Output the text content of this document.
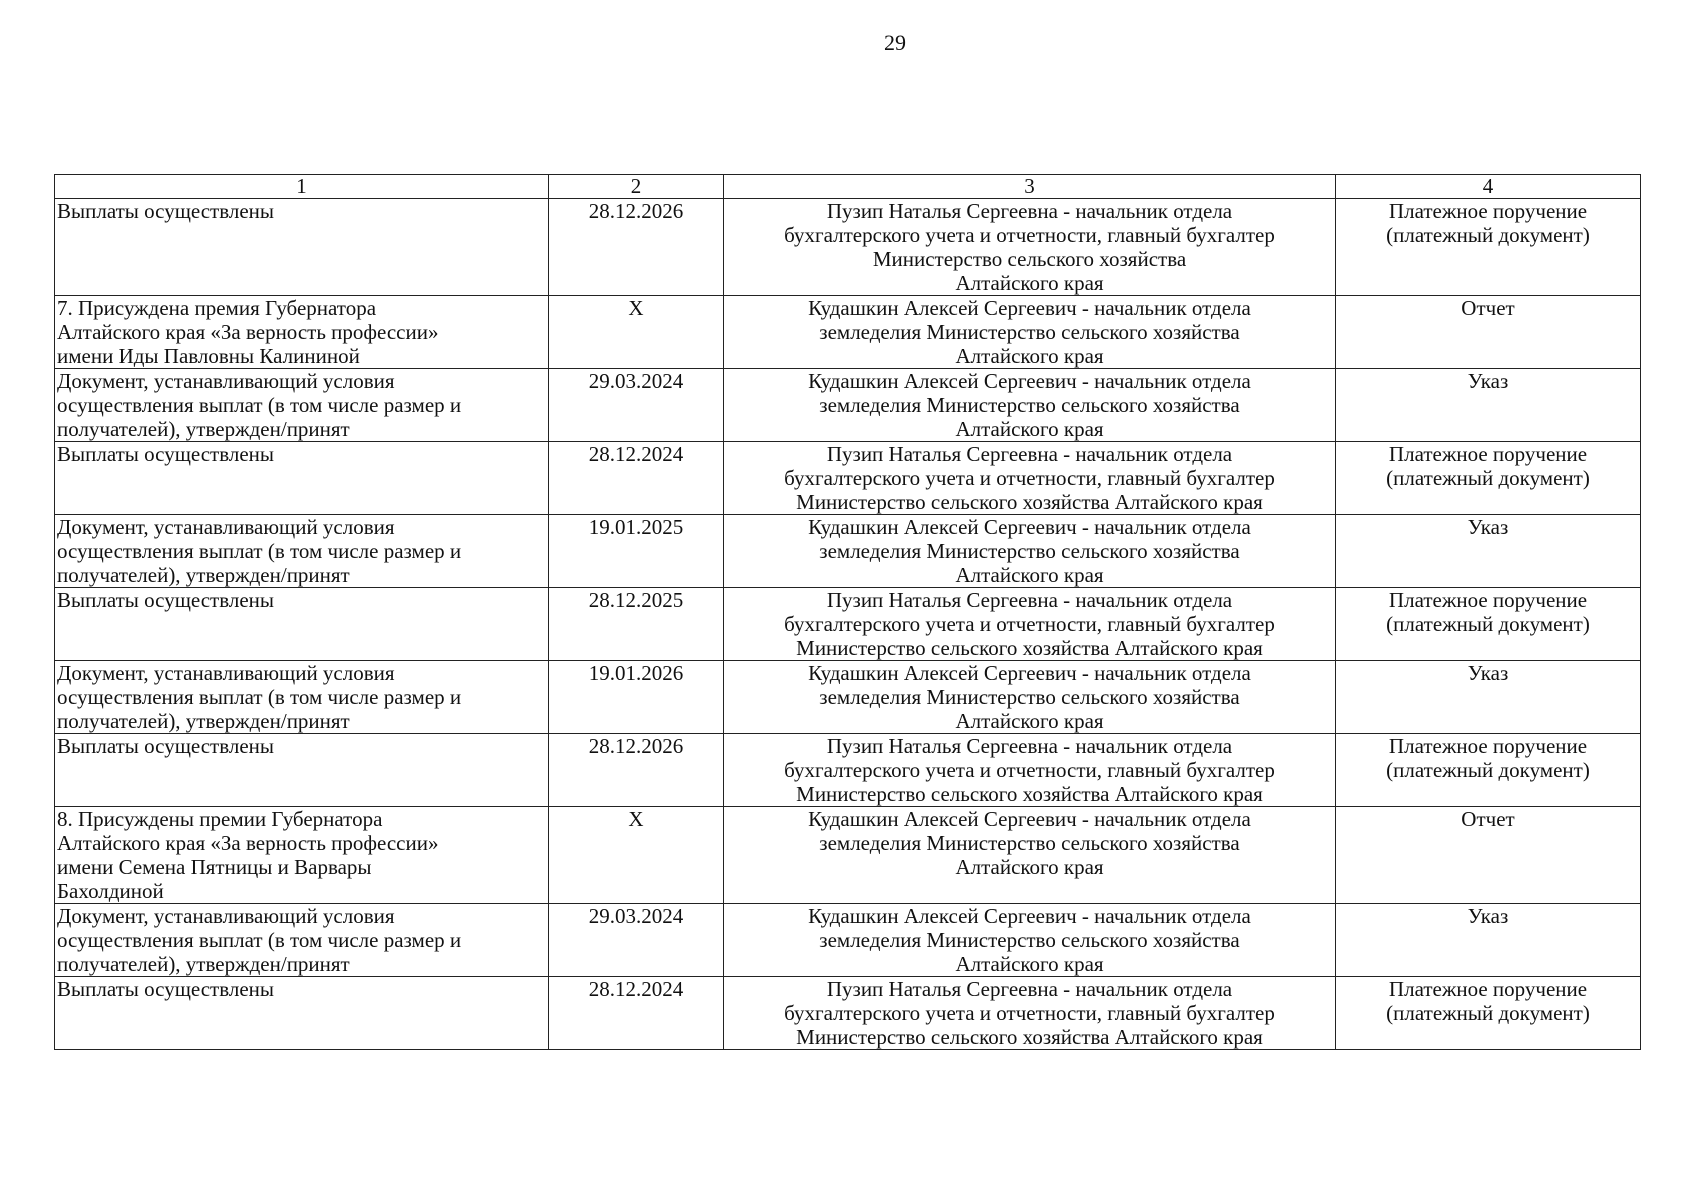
29
1	2	3	4

Выплаты осуществлены	28.12.2026	Пузип Наталья Сергеевна - начальник отдела
бухгалтерского учета и отчетности, главный бухгалтер
Министерство сельского хозяйства
Алтайского края	Платежное поручение
(платежный документ)

7. Присуждена премия Губернатора
Алтайского края «За верность профессии»
имени Иды Павловны Калининой	X	Кудашкин Алексей Сергеевич - начальник отдела
земледелия Министерство сельского хозяйства
Алтайского края	Отчет

Документ, устанавливающий условия
осуществления выплат (в том числе размер и
получателей), утвержден/принят	29.03.2024	Кудашкин Алексей Сергеевич - начальник отдела
земледелия Министерство сельского хозяйства
Алтайского края	Указ

Выплаты осуществлены	28.12.2024	Пузип Наталья Сергеевна - начальник отдела
бухгалтерского учета и отчетности, главный бухгалтер
Министерство сельского хозяйства Алтайского края	Платежное поручение
(платежный документ)

Документ, устанавливающий условия
осуществления выплат (в том числе размер и
получателей), утвержден/принят	19.01.2025	Кудашкин Алексей Сергеевич - начальник отдела
земледелия Министерство сельского хозяйства
Алтайского края	Указ

Выплаты осуществлены	28.12.2025	Пузип Наталья Сергеевна - начальник отдела
бухгалтерского учета и отчетности, главный бухгалтер
Министерство сельского хозяйства Алтайского края	Платежное поручение
(платежный документ)

Документ, устанавливающий условия
осуществления выплат (в том числе размер и
получателей), утвержден/принят	19.01.2026	Кудашкин Алексей Сергеевич - начальник отдела
земледелия Министерство сельского хозяйства
Алтайского края	Указ

Выплаты осуществлены	28.12.2026	Пузип Наталья Сергеевна - начальник отдела
бухгалтерского учета и отчетности, главный бухгалтер
Министерство сельского хозяйства Алтайского края	Платежное поручение
(платежный документ)

8. Присуждены премии Губернатора
Алтайского края «За верность профессии»
имени Семена Пятницы и Варвары
Бахолдиной	X	Кудашкин Алексей Сергеевич - начальник отдела
земледелия Министерство сельского хозяйства
Алтайского края	Отчет

Документ, устанавливающий условия
осуществления выплат (в том числе размер и
получателей), утвержден/принят	29.03.2024	Кудашкин Алексей Сергеевич - начальник отдела
земледелия Министерство сельского хозяйства
Алтайского края	Указ

Выплаты осуществлены	28.12.2024	Пузип Наталья Сергеевна - начальник отдела
бухгалтерского учета и отчетности, главный бухгалтер
Министерство сельского хозяйства Алтайского края	Платежное поручение
(платежный документ)
